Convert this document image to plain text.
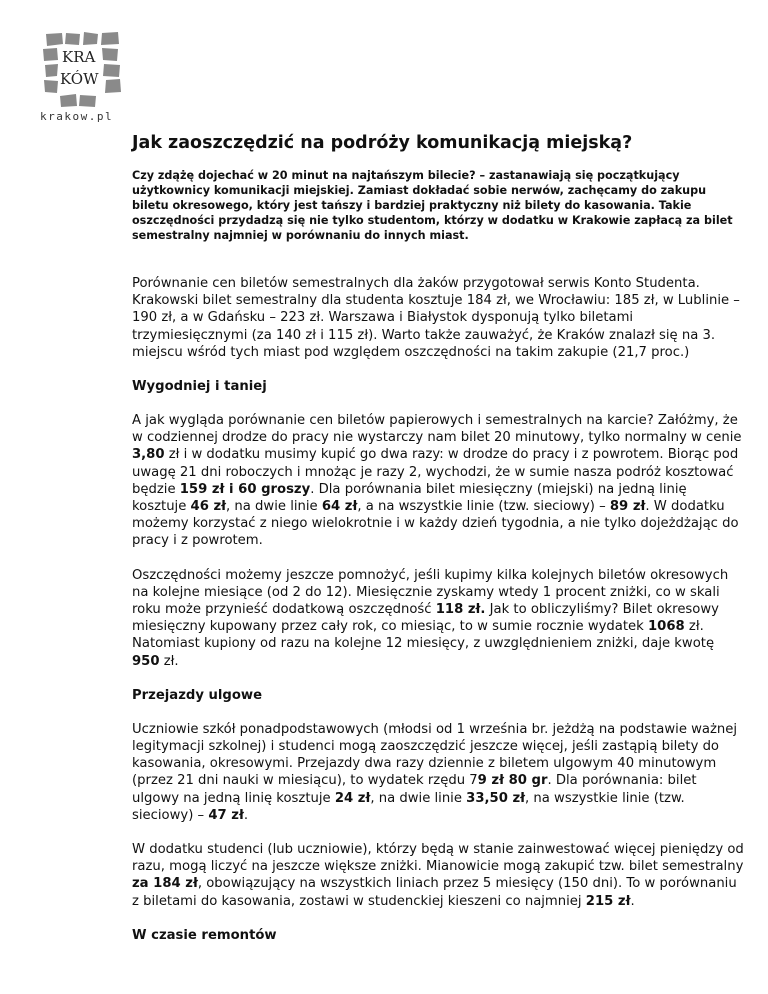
KRA
KÓW
krakow.pl
Jak zaoszczędzić na podróży komunikacją miejską?

Czy zdążę dojechać w 20 minut na najtańszym bilecie? – zastanawiają się początkujący użytkownicy komunikacji miejskiej. Zamiast dokładać sobie nerwów, zachęcamy do zakupu biletu okresowego, który jest tańszy i bardziej praktyczny niż bilety do kasowania. Takie oszczędności przydadzą się nie tylko studentom, którzy w dodatku w Krakowie zapłacą za bilet semestralny najmniej w porównaniu do innych miast.

Porównanie cen biletów semestralnych dla żaków przygotował serwis Konto Studenta. Krakowski bilet semestralny dla studenta kosztuje 184 zł, we Wrocławiu: 185 zł, w Lublinie – 190 zł, a w Gdańsku – 223 zł. Warszawa i Białystok dysponują tylko biletami trzymiesięcznymi (za 140 zł i 115 zł). Warto także zauważyć, że Kraków znalazł się na 3. miejscu wśród tych miast pod względem oszczędności na takim zakupie (21,7 proc.)

Wygodniej i taniej

A jak wygląda porównanie cen biletów papierowych i semestralnych na karcie? Załóżmy, że w codziennej drodze do pracy nie wystarczy nam bilet 20 minutowy, tylko normalny w cenie 3,80 zł i w dodatku musimy kupić go dwa razy: w drodze do pracy i z powrotem. Biorąc pod uwagę 21 dni roboczych i mnożąc je razy 2, wychodzi, że w sumie nasza podróż kosztować będzie 159 zł i 60 groszy. Dla porównania bilet miesięczny (miejski) na jedną linię kosztuje 46 zł, na dwie linie 64 zł, a na wszystkie linie (tzw. sieciowy) – 89 zł. W dodatku możemy korzystać z niego wielokrotnie i w każdy dzień tygodnia, a nie tylko dojeżdżając do pracy i z powrotem.

Oszczędności możemy jeszcze pomnożyć, jeśli kupimy kilka kolejnych biletów okresowych na kolejne miesiące (od 2 do 12). Miesięcznie zyskamy wtedy 1 procent zniżki, co w skali roku może przynieść dodatkową oszczędność 118 zł. Jak to obliczyliśmy? Bilet okresowy miesięczny kupowany przez cały rok, co miesiąc, to w sumie rocznie wydatek 1068 zł. Natomiast kupiony od razu na kolejne 12 miesięcy, z uwzględnieniem zniżki, daje kwotę 950 zł.

Przejazdy ulgowe

Uczniowie szkół ponadpodstawowych (młodsi od 1 września br. jeżdżą na podstawie ważnej legitymacji szkolnej) i studenci mogą zaoszczędzić jeszcze więcej, jeśli zastąpią bilety do kasowania, okresowymi. Przejazdy dwa razy dziennie z biletem ulgowym 40 minutowym (przez 21 dni nauki w miesiącu), to wydatek rzędu 79 zł 80 gr. Dla porównania: bilet ulgowy na jedną linię kosztuje 24 zł, na dwie linie 33,50 zł, na wszystkie linie (tzw. sieciowy) – 47 zł.

W dodatku studenci (lub uczniowie), którzy będą w stanie zainwestować więcej pieniędzy od razu, mogą liczyć na jeszcze większe zniżki. Mianowicie mogą zakupić tzw. bilet semestralny za 184 zł, obowiązujący na wszystkich liniach przez 5 miesięcy (150 dni). To w porównaniu z biletami do kasowania, zostawi w studenckiej kieszeni co najmniej 215 zł.

W czasie remontów
